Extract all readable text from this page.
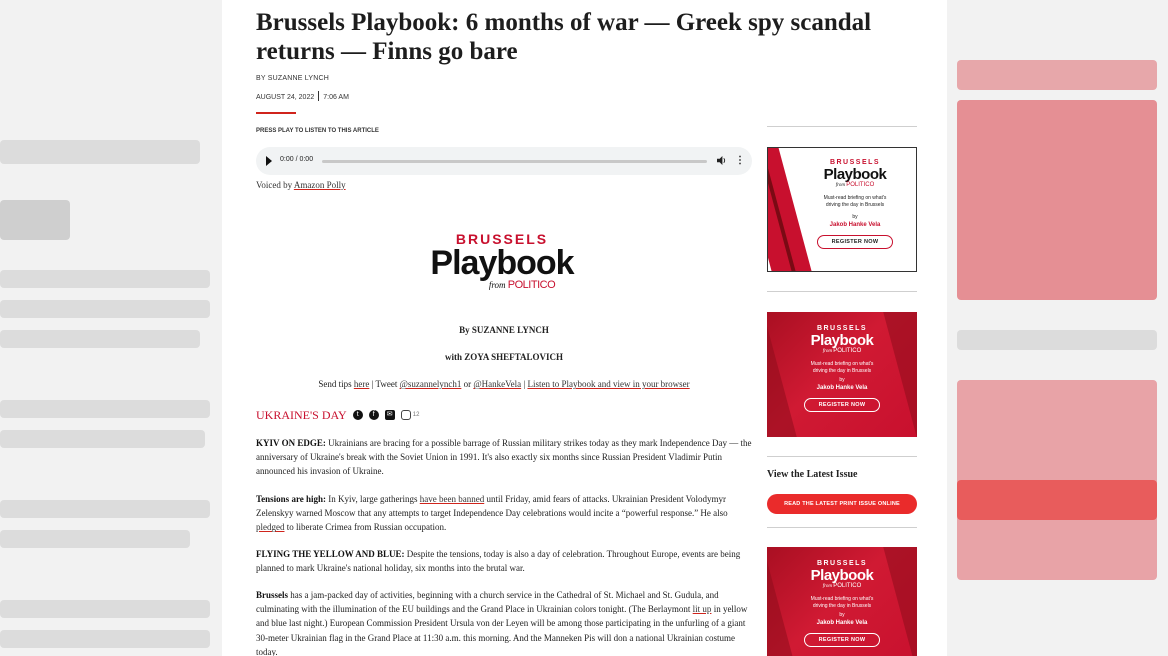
Brussels Playbook: 6 months of war — Greek spy scandal returns — Finns go bare
BY SUZANNE LYNCH
AUGUST 24, 2022 7:06 AM
PRESS PLAY TO LISTEN TO THIS ARTICLE
0:00 / 0:00	⋮
Voiced by Amazon Polly
BRUSSELS
Playbook
from POLITICO
By SUZANNE LYNCH
with ZOYA SHEFTALOVICH
Send tips here | Tweet @suzannelynch1 or @HankeVela | Listen to Playbook and view in your browser
UKRAINE'S DAY	t	f	✉	12

KYIV ON EDGE: Ukrainians are bracing for a possible barrage of Russian military strikes today as they mark Independence Day — the anniversary of Ukraine's break with the Soviet Union in 1991. It's also exactly six months since Russian President Vladimir Putin announced his invasion of Ukraine.

Tensions are high: In Kyiv, large gatherings have been banned until Friday, amid fears of attacks. Ukrainian President Volodymyr Zelenskyy warned Moscow that any attempts to target Independence Day celebrations would incite a “powerful response.” He also pledged to liberate Crimea from Russian occupation.

FLYING THE YELLOW AND BLUE: Despite the tensions, today is also a day of celebration. Throughout Europe, events are being planned to mark Ukraine's national holiday, six months into the brutal war.

Brussels has a jam-packed day of activities, beginning with a church service in the Cathedral of St. Michael and St. Gudula, and culminating with the illumination of the EU buildings and the Grand Place in Ukrainian colors tonight. (The Berlaymont lit up in yellow and blue last night.) European Commission President Ursula von der Leyen will be among those participating in the unfurling of a giant 30-meter Ukrainian flag in the Grand Place at 11:30 a.m. this morning. And the Manneken Pis will don a national Ukrainian costume today.

BRUSSELS
Playbook
from POLITICO
Must-read briefing on what's
driving the day in Brussels
by
Jakob Hanke Vela
REGISTER NOW
BRUSSELS
Playbook
from POLITICO
Must-read briefing on what's
driving the day in Brussels
by
Jakob Hanke Vela
REGISTER NOW
View the Latest Issue
READ THE LATEST PRINT ISSUE ONLINE
BRUSSELS
Playbook
from POLITICO
Must-read briefing on what's
driving the day in Brussels
by
Jakob Hanke Vela
REGISTER NOW
